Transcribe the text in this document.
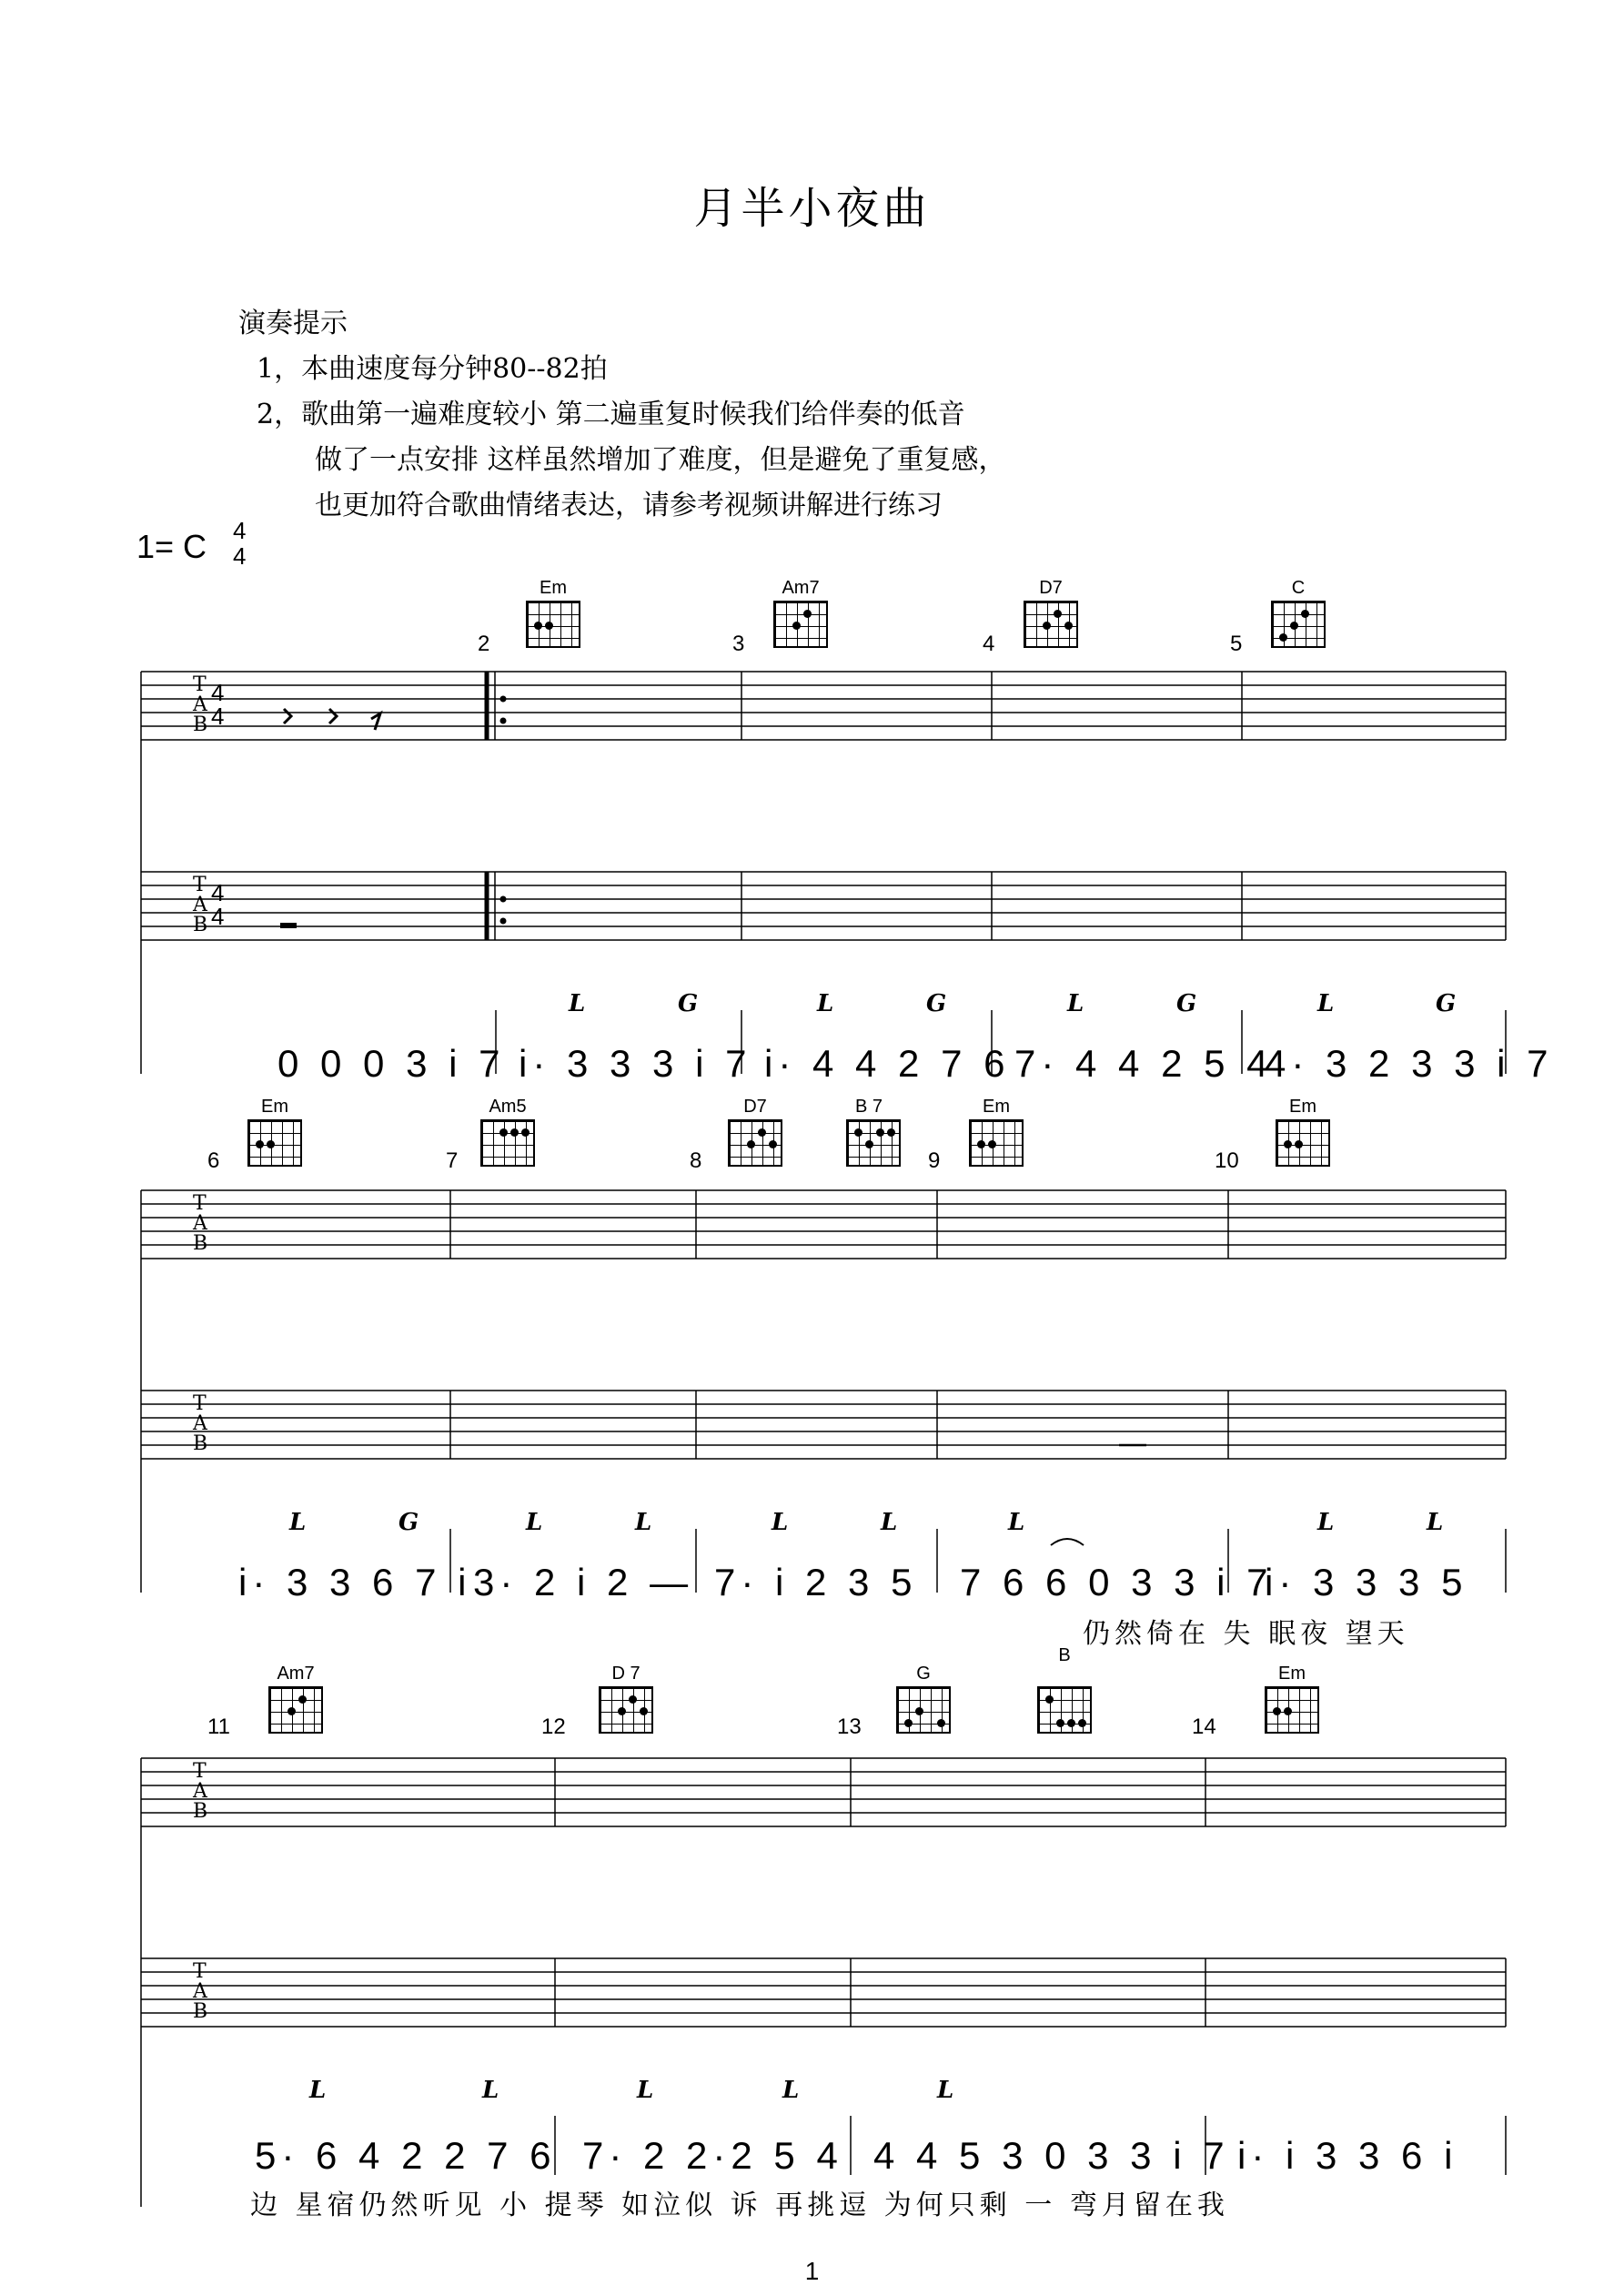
月半小夜曲
演奏提示
1，本曲速度每分钟80--82拍
2，歌曲第一遍难度较小 第二遍重复时候我们给伴奏的低音
做了一点安排 这样虽然增加了难度，但是避免了重复感，
也更加符合歌曲情绪表达，请参考视频讲解进行练习
1= C 4
4
T
A
B
4
4
T
A
B
4
4
2	3	4	5
Em	Am7	D7	C
L	G	L	G	L	G	L	G
0 0 0 3 i 7 i· 3 3 3 i 7 i· 4 4 2 7 6 7· 4 4 2 5 4
4· 3 2 3 3 i 7
T
A
B
T
A
B
6	7	8	9	10
Em	Am5	D7	B 7	Em	Em
L	G	L	L	L	L	L	L	L
i· 3 3 6 7 i 3· 2 i 2 — 7· i 2 3 5 7 6 6 0 3 3 i 7
i· 3 3 3 5
仍然倚在 失 眠夜 望天
T
A
B
T
A
B
11	12	13	14
Am7	D 7	G
B
Em
L	L	L	L	L
5· 6 4 2 2 7 6 7· 2 2·2 5 4 4 4 5 3 0 3 3 i 7 i· i 3 3 6 i
边 星宿仍然听见 小 提琴 如泣似 诉 再挑逗 为何只剩 一 弯月留在我
1
